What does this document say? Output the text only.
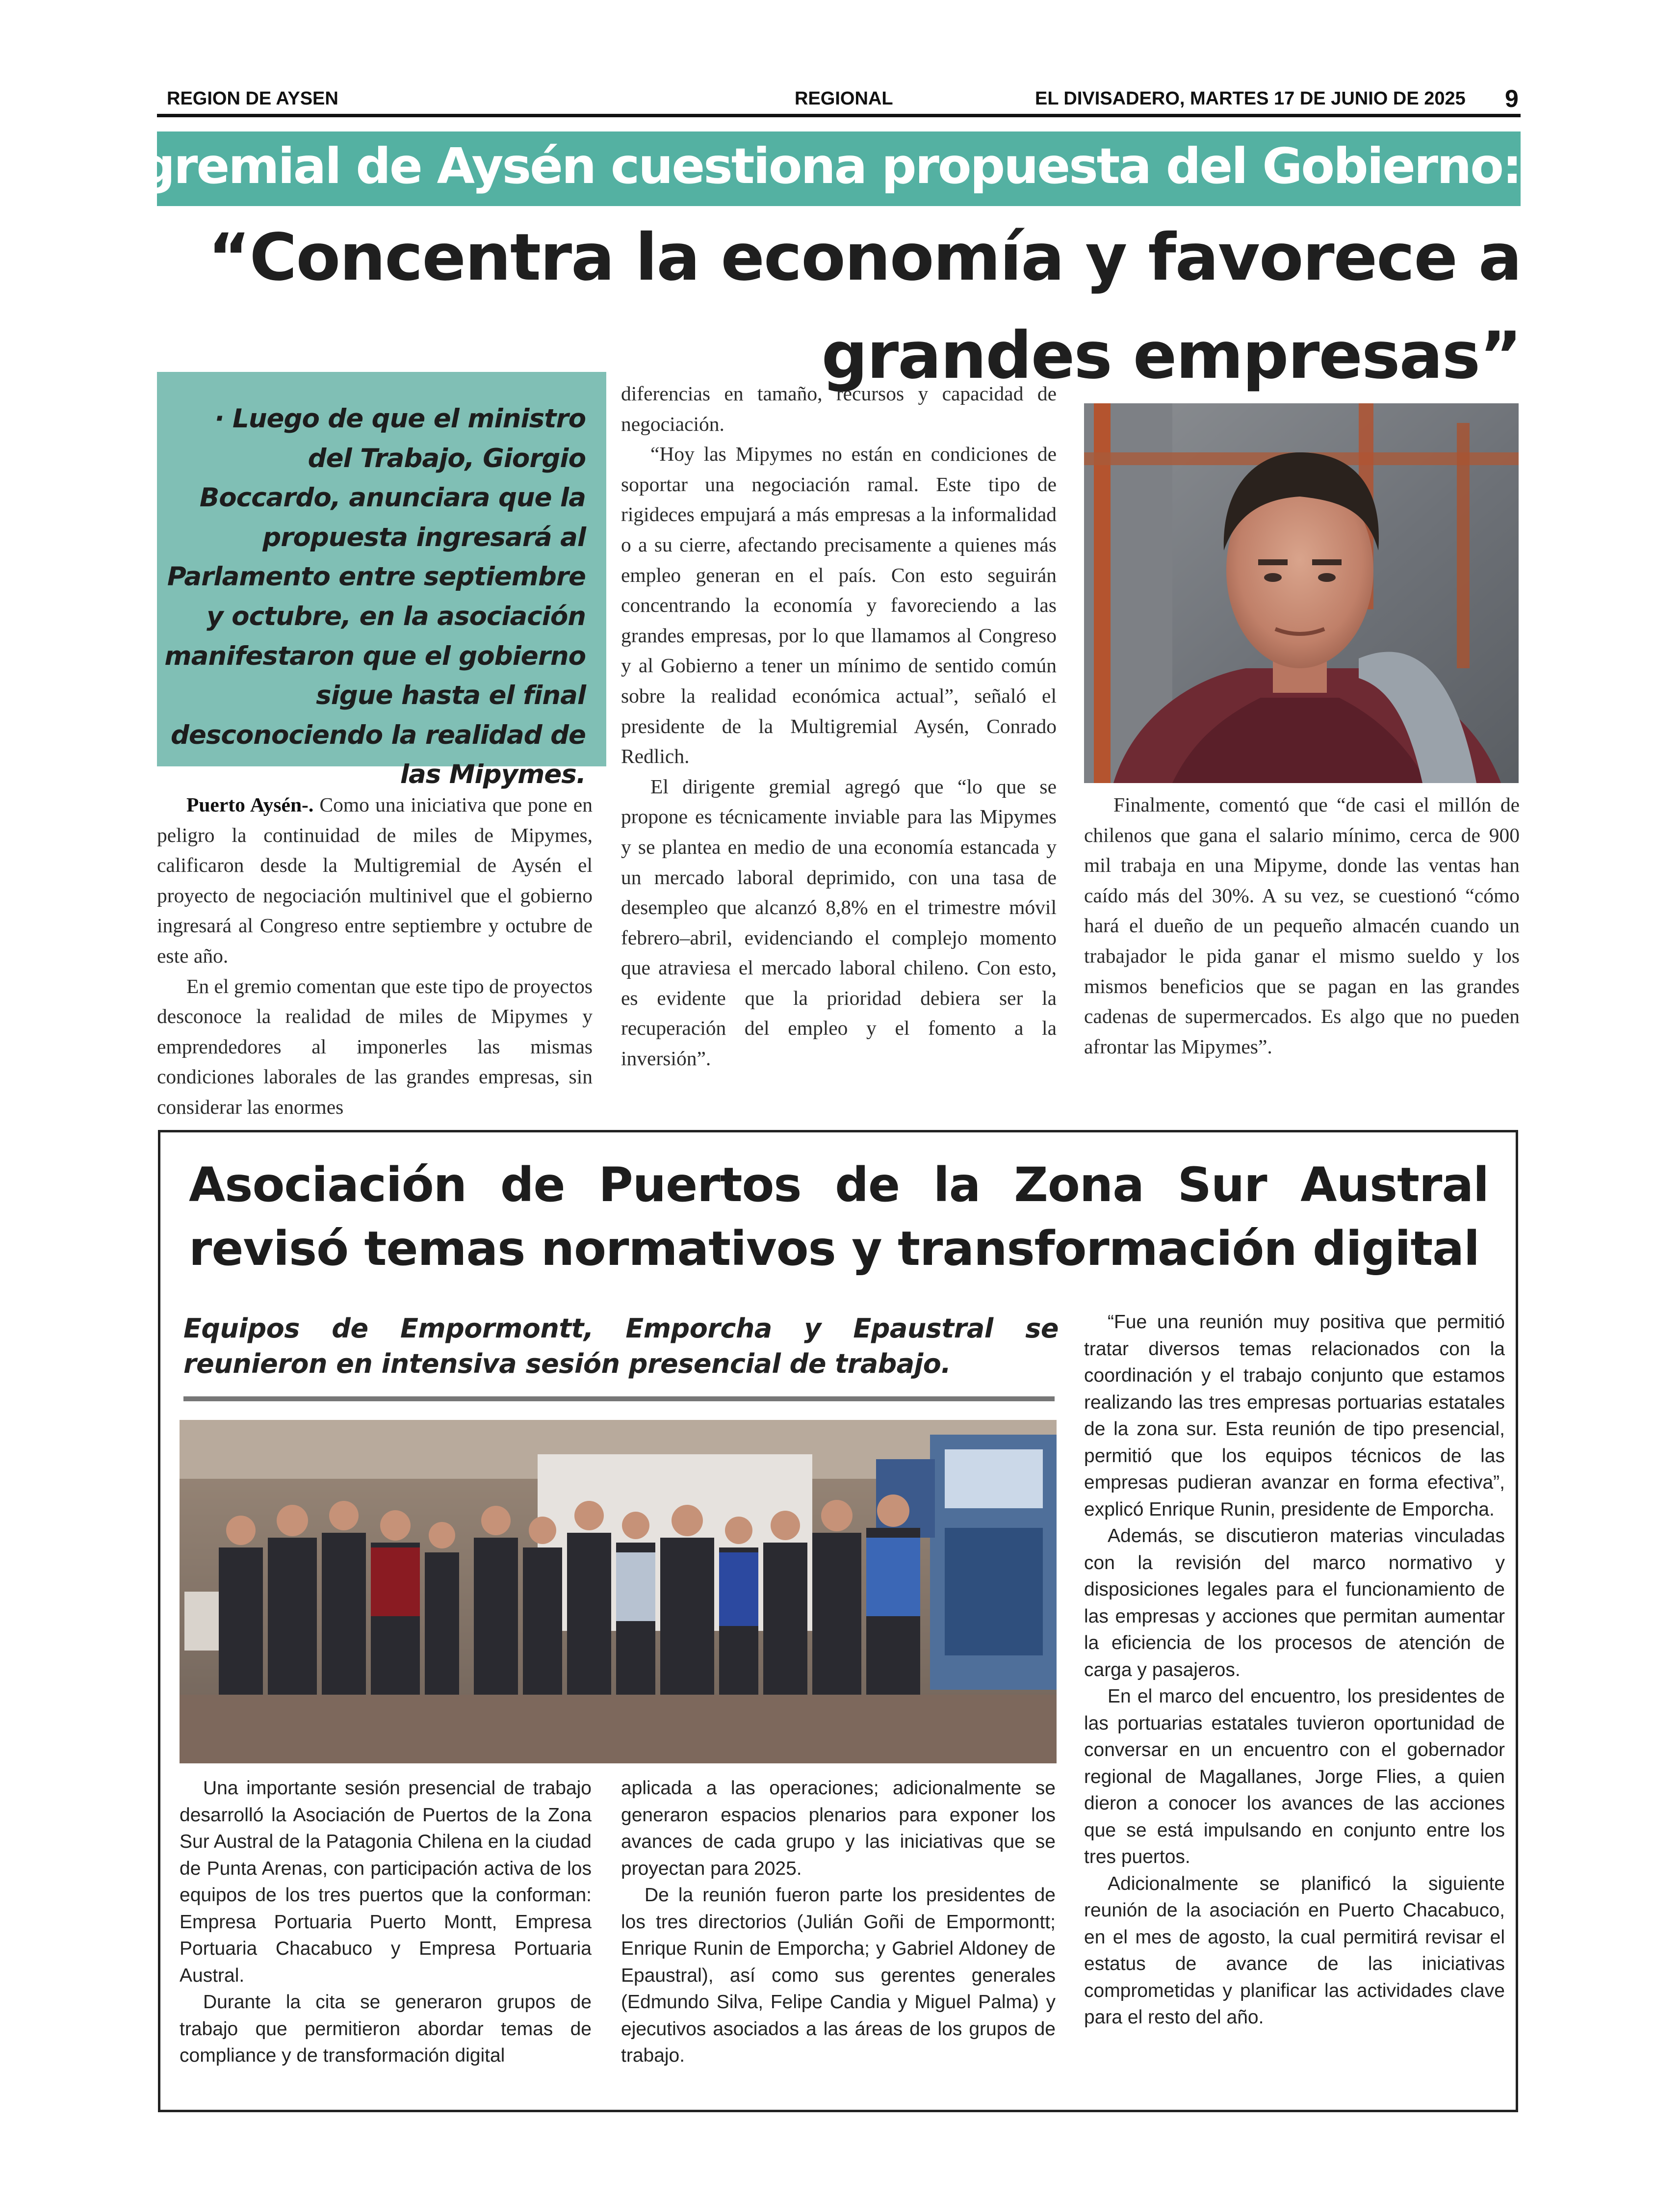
REGION DE AYSEN	REGIONAL	EL DIVISADERO, MARTES 17 DE JUNIO DE 2025 9
Multigremial de Aysén cuestiona propuesta del Gobierno:
“Concentra la economía y favorece a
grandes empresas”

· Luego de que el ministro del Trabajo, Giorgio Boccardo, anunciara que la propuesta ingresará al Parlamento entre septiembre y octubre, en la asociación manifestaron que el gobierno sigue hasta el final desconociendo la realidad de las Mipymes.

Puerto Aysén-. Como una iniciativa que pone en peligro la continuidad de miles de Mipymes, calificaron desde la Multigremial de Aysén el proyecto de negociación multinivel que el gobierno ingresará al Congreso entre septiembre y octubre de este año.

En el gremio comentan que este tipo de proyectos desconoce la realidad de miles de Mipymes y emprendedores al imponerles las mismas condiciones laborales de las grandes empresas, sin considerar las enormes

diferencias en tamaño, recursos y capacidad de negociación.

“Hoy las Mipymes no están en condiciones de soportar una negociación ramal. Este tipo de rigideces empujará a más empresas a la informalidad o a su cierre, afectando precisamente a quienes más empleo generan en el país. Con esto seguirán concentrando la economía y favoreciendo a las grandes empresas, por lo que llamamos al Congreso y al Gobierno a tener un mínimo de sentido común sobre la realidad económica actual”, señaló el presidente de la Multigremial Aysén, Conrado Redlich.

El dirigente gremial agregó que “lo que se propone es técnicamente inviable para las Mipymes y se plantea en medio de una economía estancada y un mercado laboral deprimido, con una tasa de desempleo que alcanzó 8,8% en el trimestre móvil febrero–abril, evidenciando el complejo momento que atraviesa el mercado laboral chileno. Con esto, es evidente que la prioridad debiera ser la recuperación del empleo y el fomento a la inversión”.

Finalmente, comentó que “de casi el millón de chilenos que gana el salario mínimo, cerca de 900 mil trabaja en una Mipyme, donde las ventas han caído más del 30%. A su vez, se cuestionó “cómo hará el dueño de un pequeño almacén cuando un trabajador le pida ganar el mismo sueldo y los mismos beneficios que se pagan en las grandes cadenas de supermercados. Es algo que no pueden afrontar las Mipymes”.

Asociación de Puertos de la Zona Sur Austral revisó temas normativos y transformación digital
Equipos de Empormontt, Emporcha y Epaustral se reunieron en intensiva sesión presencial de trabajo.

Una importante sesión presencial de trabajo desarrolló la Asociación de Puertos de la Zona Sur Austral de la Patagonia Chilena en la ciudad de Punta Arenas, con participación activa de los equipos de los tres puertos que la conforman: Empresa Portuaria Puerto Montt, Empresa Portuaria Chacabuco y Empresa Portuaria Austral.

Durante la cita se generaron grupos de trabajo que permitieron abordar temas de compliance y de transformación digital

aplicada a las operaciones; adicionalmente se generaron espacios plenarios para exponer los avances de cada grupo y las iniciativas que se proyectan para 2025.

De la reunión fueron parte los presidentes de los tres directorios (Julián Goñi de Empormontt; Enrique Runin de Emporcha; y Gabriel Aldoney de Epaustral), así como sus gerentes generales (Edmundo Silva, Felipe Candia y Miguel Palma) y ejecutivos asociados a las áreas de los grupos de trabajo.

“Fue una reunión muy positiva que permitió tratar diversos temas relacionados con la coordinación y el trabajo conjunto que estamos realizando las tres empresas portuarias estatales de la zona sur. Esta reunión de tipo presencial, permitió que los equipos técnicos de las empresas pudieran avanzar en forma efectiva”, explicó Enrique Runin, presidente de Emporcha.

Además, se discutieron materias vinculadas con la revisión del marco normativo y disposiciones legales para el funcionamiento de las empresas y acciones que permitan aumentar la eficiencia de los procesos de atención de carga y pasajeros.

En el marco del encuentro, los presidentes de las portuarias estatales tuvieron oportunidad de conversar en un encuentro con el gobernador regional de Magallanes, Jorge Flies, a quien dieron a conocer los avances de las acciones que se está impulsando en conjunto entre los tres puertos.

Adicionalmente se planificó la siguiente reunión de la asociación en Puerto Chacabuco, en el mes de agosto, la cual permitirá revisar el estatus de avance de las iniciativas comprometidas y planificar las actividades clave para el resto del año.
